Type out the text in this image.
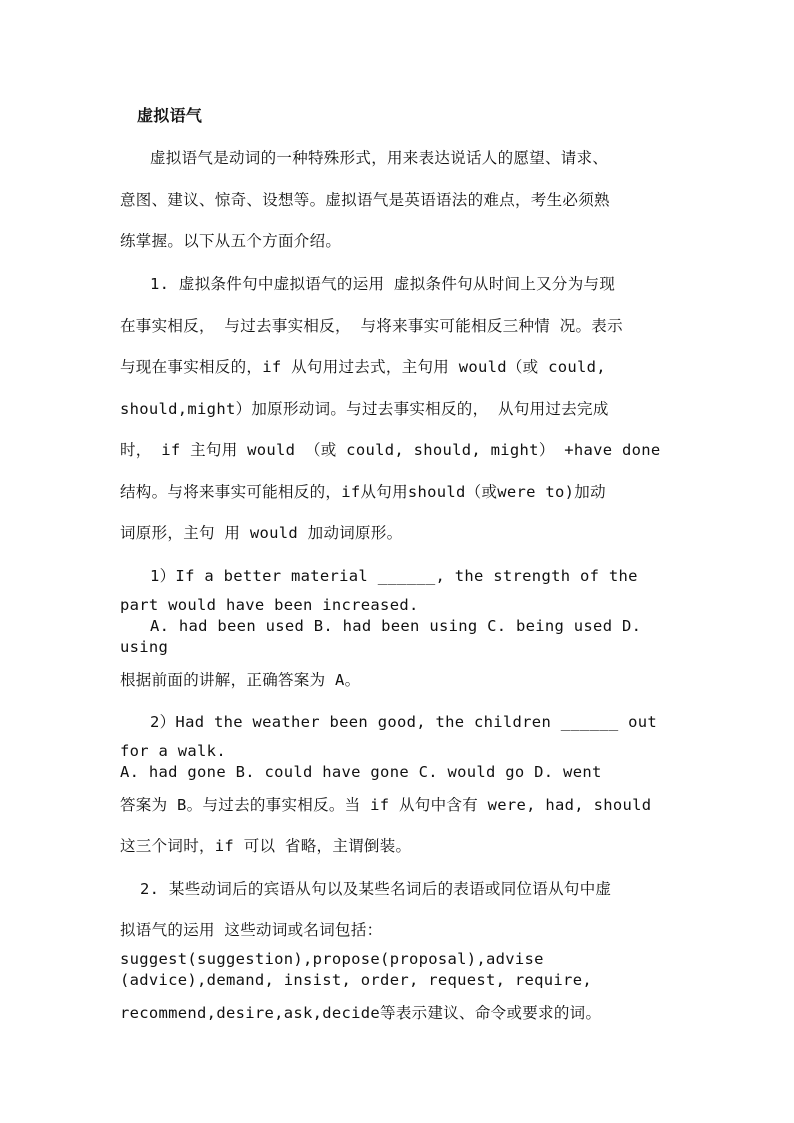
虚拟语气
虚拟语气是动词的一种特殊形式，用来表达说话人的愿望、请求、
意图、建议、惊奇、设想等。虚拟语气是英语语法的难点，考生必须熟
练掌握。以下从五个方面介绍。
1. 虚拟条件句中虚拟语气的运用 虚拟条件句从时间上又分为与现
在事实相反， 与过去事实相反， 与将来事实可能相反三种情 况。表示
与现在事实相反的，if 从句用过去式，主句用 would（或 could,
should,might）加原形动词。与过去事实相反的， 从句用过去完成
时， if 主句用 would （或 could, should, might） +have done
结构。与将来事实可能相反的，if从句用should（或were to)加动
词原形，主句 用 would 加动词原形。
1）If a better material ______, the strength of the
part would have been increased.
A. had been used B. had been using C. being used D.
using
根据前面的讲解，正确答案为 A。
2）Had the weather been good, the children ______ out
for a walk.
A. had gone B. could have gone C. would go D. went
答案为 B。与过去的事实相反。当 if 从句中含有 were, had, should
这三个词时，if 可以 省略，主谓倒装。
2. 某些动词后的宾语从句以及某些名词后的表语或同位语从句中虚
拟语气的运用 这些动词或名词包括：
suggest(suggestion),propose(proposal),advise
(advice),demand, insist, order, request, require,
recommend,desire,ask,decide等表示建议、命令或要求的词。
